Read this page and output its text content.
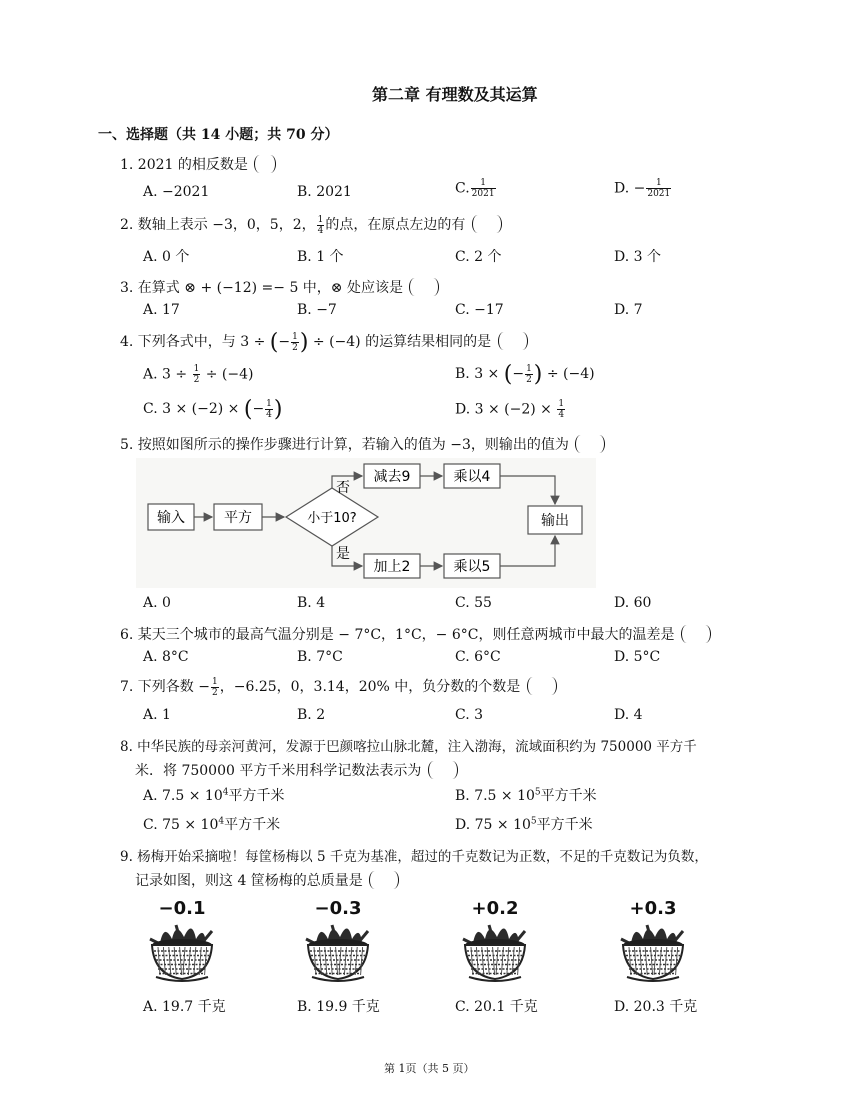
第二章 有理数及其运算
一、选择题（共 14 小题；共 70 分）
1. 2021 的相反数是
A. −2021	B. 2021	C. $\frac{1}{2021}$	D. − $\frac{1}{2021}$
2. 数轴上表示 −3，0，5，2， $\frac{1}{4}$ 的点，在原点左边的有
A. 0 个	B. 1 个	C. 2 个	D. 3 个
3. 在算式 ⊗ + (−12) =− 5 中，⊗ 处应该是
A. 17	B. −7	C. −17	D. 7
4. 下列各式中，与 3 ÷ (− $\frac{1}{2}$ ) ÷ (−4) 的运算结果相同的是
A. $3 \div \frac{1}{2} \div (-4)$	B. 3 × (− $\frac{1}{2}$ ) ÷ (−4)
C. 3 × (−2) × (− $\frac{1}{4}$ )	D. $3 \times (-2) \times \frac{1}{4}$
5. 按照如图所示的操作步骤进行计算，若输入的值为 −3，则输出的值为
输入	平方	小于10?
减去9	乘以4
加上2	乘以5
输出
否
是
A. 0	B. 4	C. 55	D. 60
6. 某天三个城市的最高气温分别是 − 7°C，1°C，− 6°C，则任意两城市中最大的温差是
A. 8°C	B. 7°C	C. 6°C	D. 5°C
7. 下列各数 − $\frac{1}{2}$ ，−6.25，0，3.14，20% 中，负分数的个数是
A. 1	B. 2	C. 3	D. 4
8. 中华民族的母亲河黄河，发源于巴颜喀拉山脉北麓，注入渤海，流域面积约为 750000 平方千
米．将 750000 平方千米用科学记数法表示为
A. $7.5 \times 10^4$平方千米	B. $7.5 \times 10^5$平方千米
C. $75 \times 10^4$平方千米	D. $75 \times 10^5$平方千米
9. 杨梅开始采摘啦！每筐杨梅以 5 千克为基准，超过的千克数记为正数，不足的千克数记为负数，
记录如图，则这 4 筐杨梅的总质量是
−0.1	−0.3	+0.2	+0.3
A. 19.7 千克	B. 19.9 千克	C. 20.1 千克	D. 20.3 千克
第 1页（共 5 页）
